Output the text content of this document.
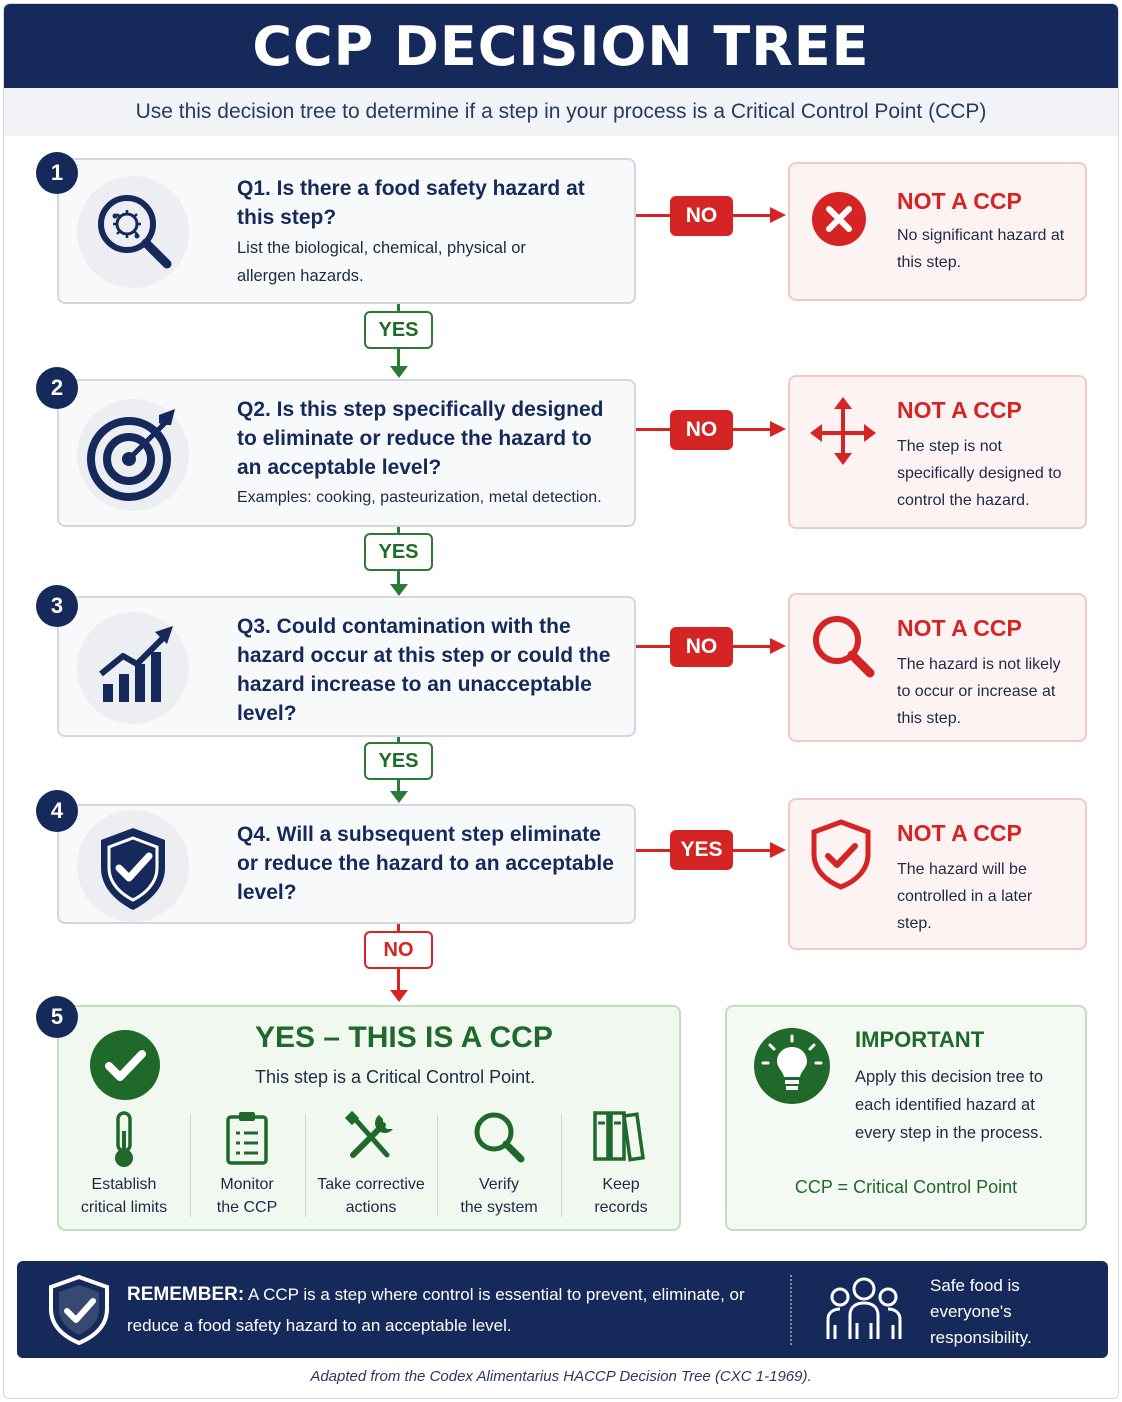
CCP DECISION TREE
Use this decision tree to determine if a step in your process is a Critical Control Point (CCP)
Q1. Is there a food safety hazard at this step?
List the biological, chemical, physical or allergen hazards.
1
NO
NOT A CCP
No significant hazard at this step.
YES
Q2. Is this step specifically designed to eliminate or reduce the hazard to an acceptable level?
Examples: cooking, pasteurization, metal detection.
2
NO
NOT A CCP
The step is not specifically designed to control the hazard.
YES
Q3. Could contamination with the hazard occur at this step or could the hazard increase to an unacceptable level?
3
NO
NOT A CCP
The hazard is not likely to occur or increase at this step.
YES
Q4. Will a subsequent step eliminate or reduce the hazard to an acceptable level?
4
YES
NOT A CCP
The hazard will be controlled in a later step.
NO
YES – THIS IS A CCP
This step is a Critical Control Point.
Establish
critical limits
Monitor
the CCP
Take corrective
actions
Verify
the system
Keep
records
5
IMPORTANT
Apply this decision tree to each identified hazard at every step in the process.
CCP = Critical Control Point
REMEMBER: A CCP is a step where control is essential to prevent, eliminate, or reduce a food safety hazard to an acceptable level.
Safe food is everyone's responsibility.
Adapted from the Codex Alimentarius HACCP Decision Tree (CXC 1-1969).
